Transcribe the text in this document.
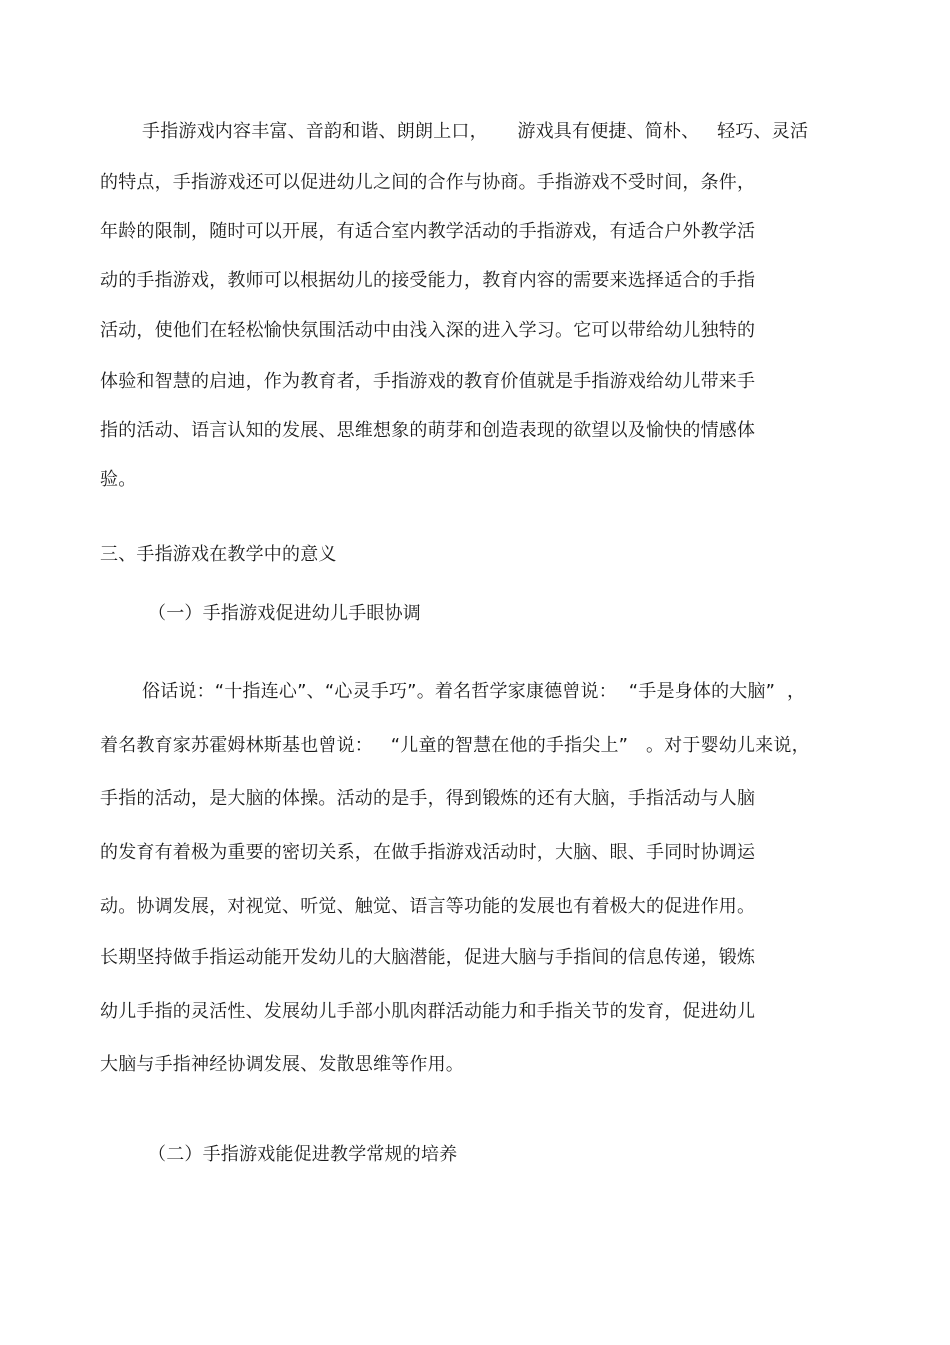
手指游戏内容丰富、音韵和谐、朗朗上口，     游戏具有便捷、简朴、   轻巧、灵活
的特点，手指游戏还可以促进幼儿之间的合作与协商。手指游戏不受时间，条件，
年龄的限制，随时可以开展，有适合室内教学活动的手指游戏，有适合户外教学活
动的手指游戏，教师可以根据幼儿的接受能力，教育内容的需要来选择适合的手指
活动，使他们在轻松愉快氛围活动中由浅入深的进入学习。它可以带给幼儿独特的
体验和智慧的启迪，作为教育者，手指游戏的教育价值就是手指游戏给幼儿带来手
指的活动、语言认知的发展、思维想象的萌芽和创造表现的欲望以及愉快的情感体
验。
三、手指游戏在教学中的意义
（一）手指游戏促进幼儿手眼协调
俗话说：“十指连心”、“心灵手巧”。着名哲学家康德曾说：  “手是身体的大脑”  ，
着名教育家苏霍姆林斯基也曾说：   “儿童的智慧在他的手指尖上”   。对于婴幼儿来说，
手指的活动，是大脑的体操。活动的是手，得到锻炼的还有大脑，手指活动与人脑
的发育有着极为重要的密切关系，在做手指游戏活动时，大脑、眼、手同时协调运
动。协调发展，对视觉、听觉、触觉、语言等功能的发展也有着极大的促进作用。
长期坚持做手指运动能开发幼儿的大脑潜能，促进大脑与手指间的信息传递，锻炼
幼儿手指的灵活性、发展幼儿手部小肌肉群活动能力和手指关节的发育，促进幼儿
大脑与手指神经协调发展、发散思维等作用。
（二）手指游戏能促进教学常规的培养
